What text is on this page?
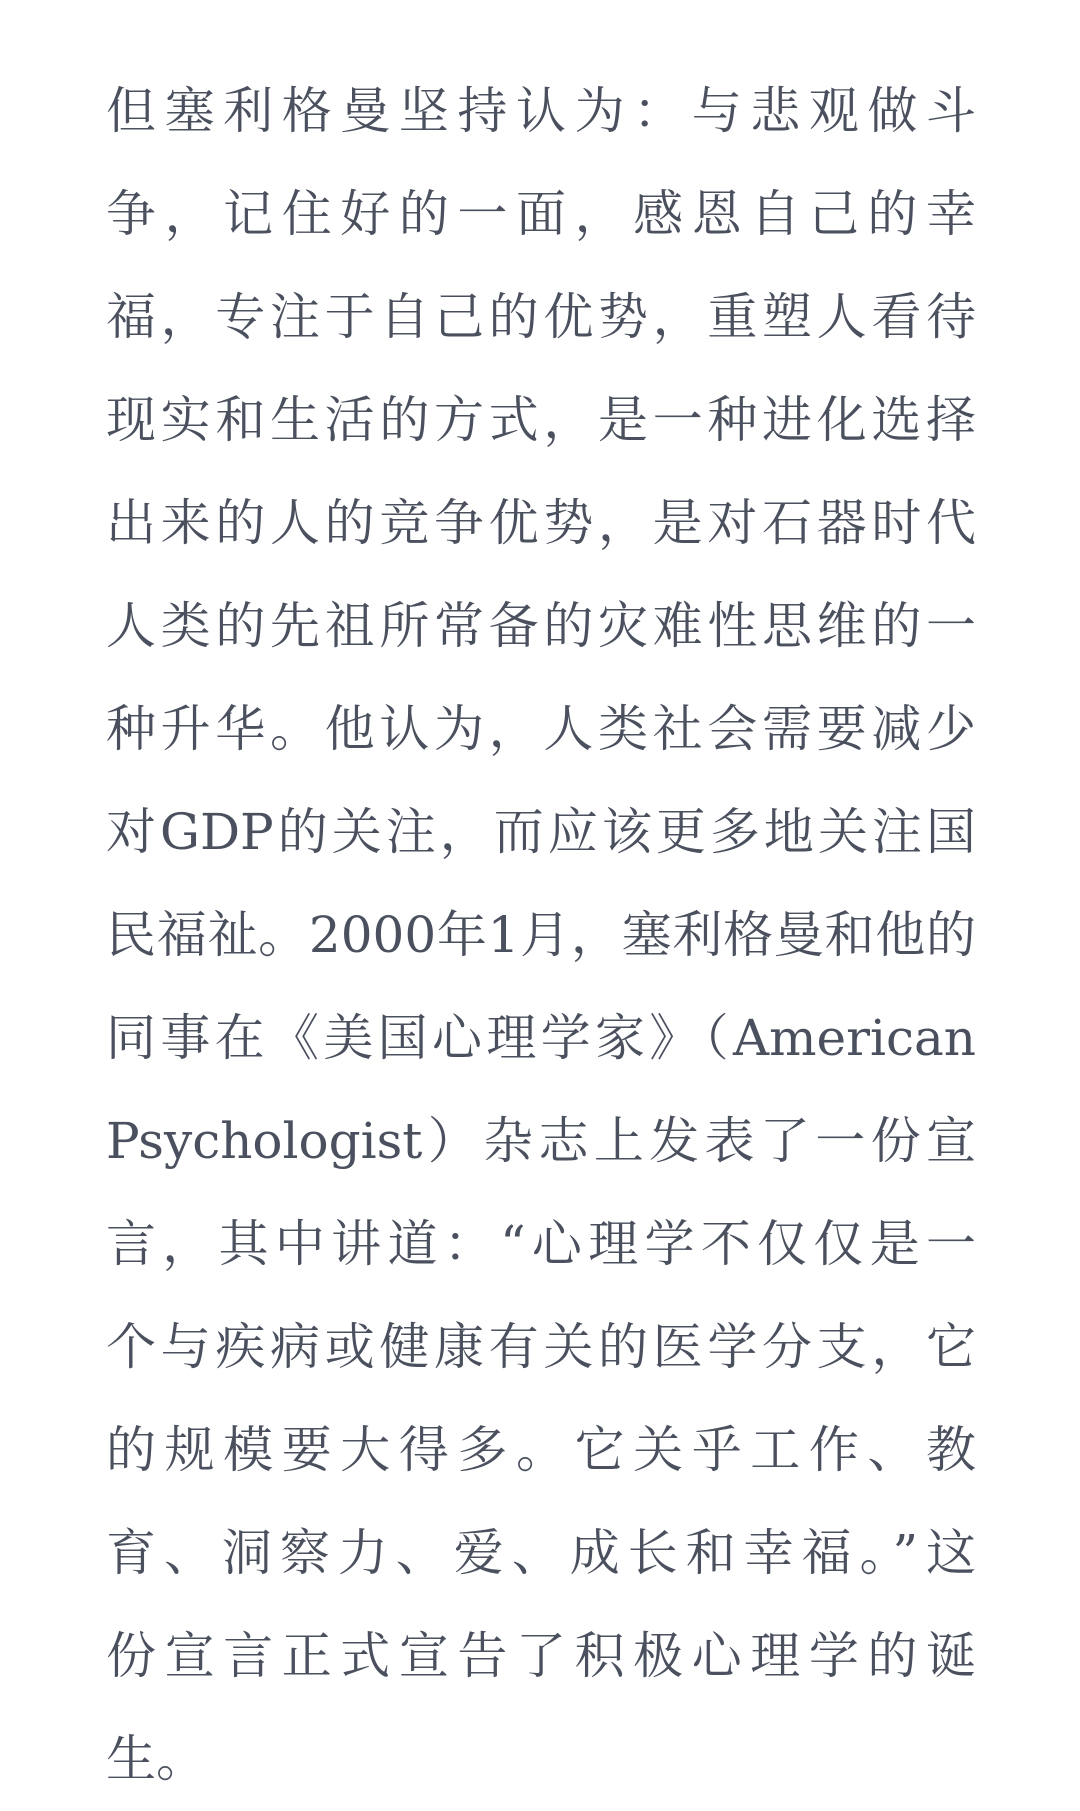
但塞利格曼坚持认为：与悲观做斗
争，记住好的一面，感恩自己的幸
福，专注于自己的优势，重塑人看待
现实和生活的方式，是一种进化选择
出来的人的竞争优势，是对石器时代
人类的先祖所常备的灾难性思维的一
种升华。他认为，人类社会需要减少
对GDP的关注，而应该更多地关注国
民福祉。2000年1月，塞利格曼和他的
同事在《美国心理学家》（American
Psychologist）杂志上发表了一份宣
言，其中讲道：“心理学不仅仅是一
个与疾病或健康有关的医学分支，它
的规模要大得多。它关乎工作、教
育、洞察力、爱、成长和幸福。”这
份宣言正式宣告了积极心理学的诞
生。
